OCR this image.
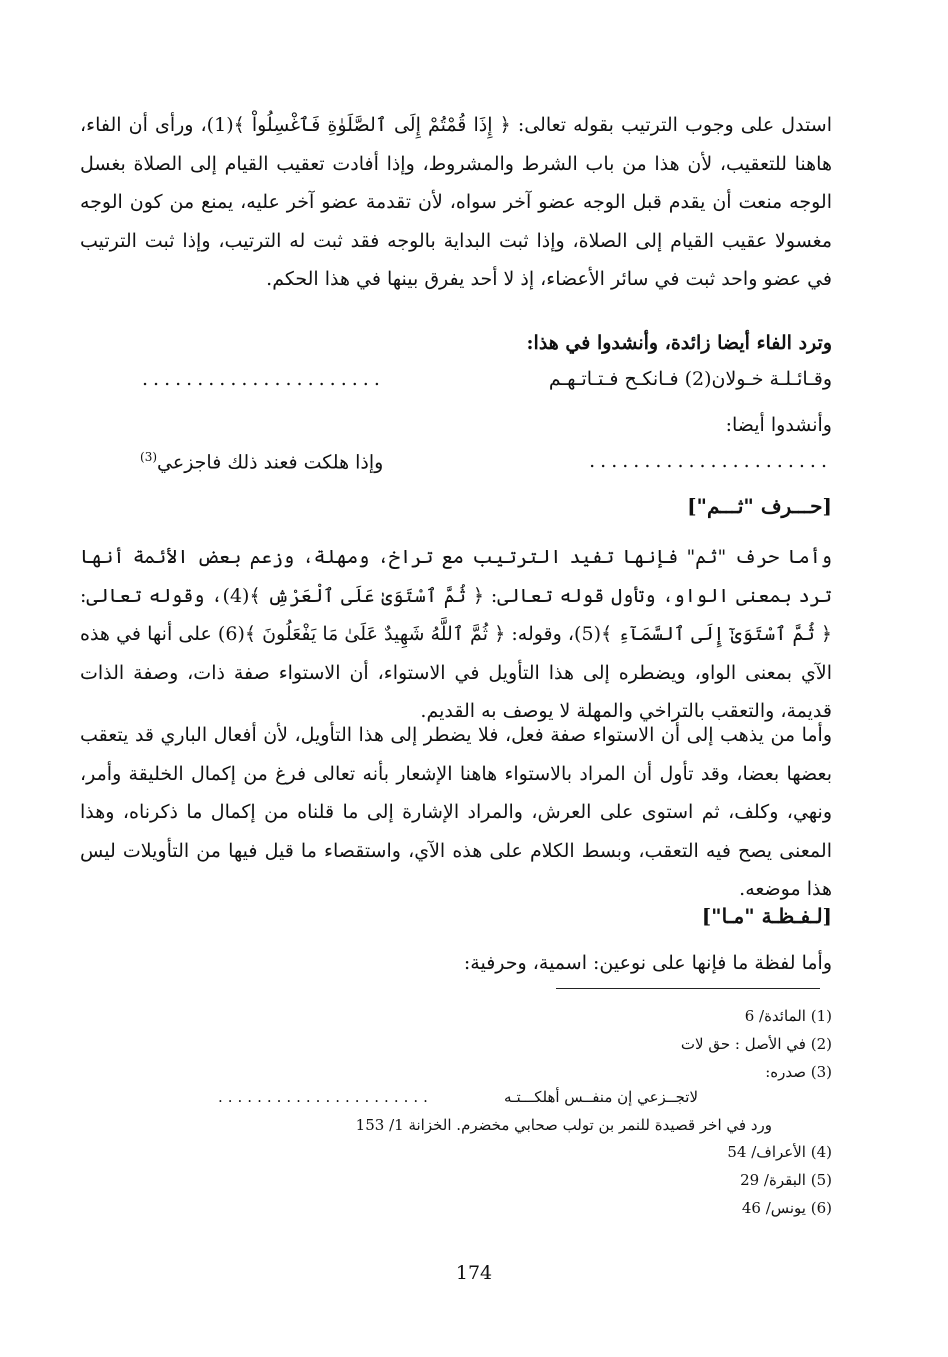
استدل على وجوب الترتيب بقوله تعالى: ﴿ إِذَا قُمْتُمْ إِلَى ٱلصَّلَوٰةِ فَٱغْسِلُواْ ﴾(1)، ورأى أن الفاء، هاهنا للتعقيب، لأن هذا من باب الشرط والمشروط، وإذا أفادت تعقيب القيام إلى الصلاة بغسل الوجه منعت أن يقدم قبل الوجه عضو آخر سواه، لأن تقدمة عضو آخر عليه، يمنع من كون الوجه مغسولا عقيب القيام إلى الصلاة، وإذا ثبت البداية بالوجه فقد ثبت له الترتيب، وإذا ثبت الترتيب في عضو واحد ثبت في سائر الأعضاء، إذ لا أحد يفرق بينها في هذا الحكم.
وترد الفاء أيضا زائدة، وأنشدوا في هذا:
وقـائـلـة خـولان(2) فـانكـح فـتـاتـهـم
......................
وأنشدوا أيضا:
......................
وإذا هلكت فعند ذلك فاجزعي$^{(3)}$
[حـــرف "ثـــم"]
وأما حرف "ثم" فإنها تفيد الترتيب مع تراخ، ومهلة، وزعم بعض الأئمة أنها ترد بمعنى الواو، وتأول قوله تعالى: ﴿ ثُمَّ ٱسْتَوَىٰ عَلَى ٱلْعَرْشِ ﴾(4)، وقوله تعالى: ﴿ ثُمَّ ٱسْتَوَىٰٓ إِلَى ٱلسَّمَآءِ ﴾(5)، وقوله: ﴿ ثُمَّ ٱللَّهُ شَهِيدٌ عَلَىٰ مَا يَفْعَلُونَ ﴾(6) على أنها في هذه الآي بمعنى الواو، ويضطره إلى هذا التأويل في الاستواء، أن الاستواء صفة ذات، وصفة الذات قديمة، والتعقب بالتراخي والمهلة لا يوصف به القديم.
وأما من يذهب إلى أن الاستواء صفة فعل، فلا يضطر إلى هذا التأويل، لأن أفعال الباري قد يتعقب بعضها بعضا، وقد تأول أن المراد بالاستواء هاهنا الإشعار بأنه تعالى فرغ من إكمال الخليقة وأمر، ونهي، وكلف، ثم استوى على العرش، والمراد الإشارة إلى ما قلناه من إكمال ما ذكرناه، وهذا المعنى يصح فيه التعقب، وبسط الكلام على هذه الآي، واستقصاء ما قيل فيها من التأويلات ليس هذا موضعه.
[لـفـظـة "مـا"]
وأما لفظة ما فإنها على نوعين: اسمية، وحرفية:
(1) المائدة/ 6
(2) في الأصل : حق لات
(3) صدره:
لاتجــزعي إن منفــس أهلكـــتـه
......................
ورد في اخر قصيدة للنمر بن تولب صحابي مخضرم. الخزانة 1/ 153
(4) الأعراف/ 54
(5) البقرة/ 29
(6) يونس/ 46
174
